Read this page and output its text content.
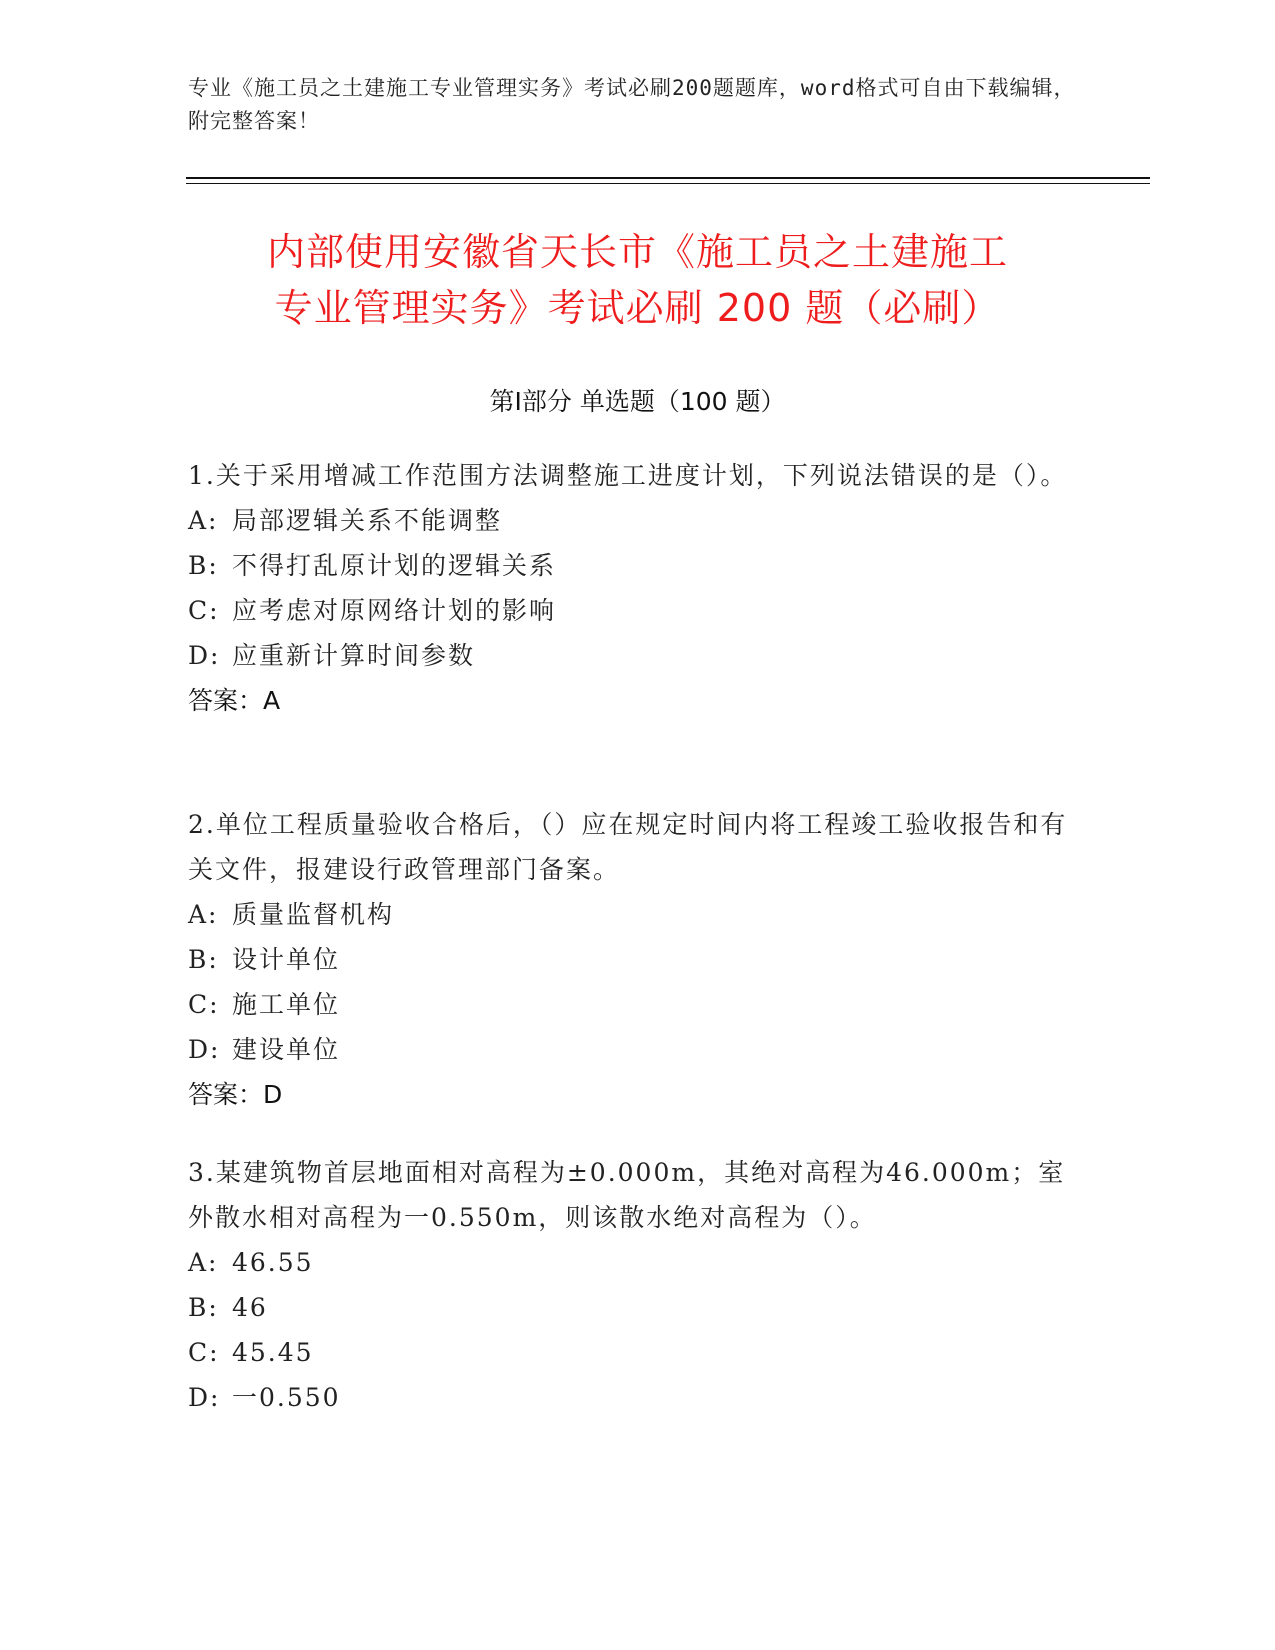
专业《施工员之土建施工专业管理实务》考试必刷200题题库，word格式可自由下载编辑，附完整答案！
内部使用安徽省天长市《施工员之土建施工
专业管理实务》考试必刷 200 题（必刷）
第Ⅰ部分 单选题（100 题）
1.关于采用增减工作范围方法调整施工进度计划，下列说法错误的是（）。
A: 局部逻辑关系不能调整
B: 不得打乱原计划的逻辑关系
C: 应考虑对原网络计划的影响
D: 应重新计算时间参数
答案：A
2.单位工程质量验收合格后，（）应在规定时间内将工程竣工验收报告和有关文件，报建设行政管理部门备案。
A: 质量监督机构
B: 设计单位
C: 施工单位
D: 建设单位
答案：D
3.某建筑物首层地面相对高程为±0.000m，其绝对高程为46.000m；室外散水相对高程为一0.550m，则该散水绝对高程为（）。
A: 46.55
B: 46
C: 45.45
D: 一0.550
